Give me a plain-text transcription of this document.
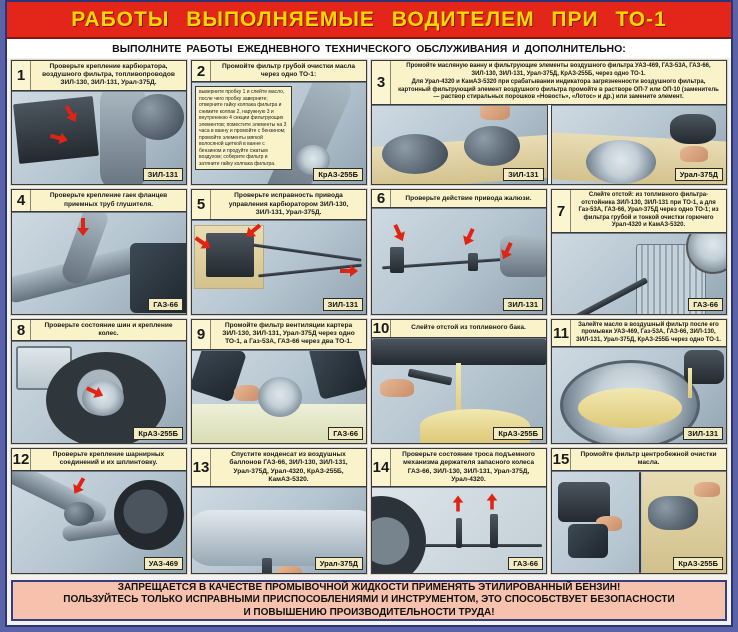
РАБОТЫ ВЫПОЛНЯЕМЫЕ ВОДИТЕЛЕМ ПРИ ТО-1
ВЫПОЛНИТЕ РАБОТЫ ЕЖЕДНЕВНОГО ТЕХНИЧЕСКОГО ОБСЛУЖИВАНИЯ И ДОПОЛНИТЕЛЬНО:
1
Проверьте крепление карбюратора, воздушного фильтра, топливопроводов ЗИЛ-130, ЗИЛ-131, Урал-375Д.
ЗИЛ-131
2	Промойте фильтр грубой очистки масла через одно ТО-1:
выверните пробку 1 и слейте масло, после чего пробку заверните; отверните гайку колпака фильтра и снимите колпак 2, наружную 3 и внутреннюю 4 секции фильтрующих элементов; поместите элементы на 3 часа в ванну и промойте с бензином; промойте элементы мягкой волосяной щеткой в ванне с бензином и продуйте сжатым воздухом; соберите фильтр и затяните гайку колпака фильтра.
КрАЗ-255Б
3
Промойте масляную ванну и фильтрующие элементы воздушного фильтра УАЗ-469, ГАЗ-53А, ГАЗ-66, ЗИЛ-130, ЗИЛ-131, Урал-375Д, КрАЗ-255Б, через одно ТО-1.
Для Урал-4320 и КамАЗ-5320 при срабатывании индикатора загрязненности воздушного фильтра, картонный фильтрующий элемент воздушного фильтра промойте в растворе ОП-7 или ОП-10 (заменитель — раствор стиральных порошков «Новость», «Лотос» и др.) или замените элемент.
ЗИЛ-131	Урал-375Д
4	Проверьте крепление гаек фланцев приемных труб глушителя.
ГАЗ-66
5
Проверьте исправность привода управления карбюратором ЗИЛ-130, ЗИЛ-131, Урал-375Д.
ЗИЛ-131
6	Проверьте действие привода жалюзи.
ЗИЛ-131
7
Слейте отстой: из топливного фильтра-отстойника ЗИЛ-130, ЗИЛ-131 при ТО-1, а для Газ-53А, ГАЗ-66, Урал-375Д через одно ТО-1; из фильтра грубой и тонкой очистки горючего Урал-4320 и КамАЗ-5320.
ГАЗ-66
8	Проверьте состояние шин и крепление колес.
КрАЗ-255Б
9
Промойте фильтр вентиляции картера ЗИЛ-130, ЗИЛ-131, Урал-375Д через одно ТО-1, а Газ-53А, ГАЗ-66 через два ТО-1.
ГАЗ-66
10	Слейте отстой из топливного бака.
КрАЗ-255Б
11	Залейте масло в воздушный фильтр после его промывки УАЗ-469, Газ-53А, ГАЗ-66, ЗИЛ-130, ЗИЛ-131, Урал-375Д, КрАЗ-255Б через одно ТО-1.
ЗИЛ-131
12	Проверьте крепление шарнирных соединений и их шплинтовку.
УАЗ-469
13
Спустите конденсат из воздушных баллонов ГАЗ-66, ЗИЛ-130, ЗИЛ-131, Урал-375Д, Урал-4320, КрАЗ-255Б, КамАЗ-5320.
Урал-375Д
14
Проверьте состояние троса подъемного механизма держателя запасного колеса ГАЗ-66, ЗИЛ-130, ЗИЛ-131, Урал-375Д, Урал-4320.
ГАЗ-66
15	Промойте фильтр центробежной очистки масла.
КрАЗ-255Б
ЗАПРЕЩАЕТСЯ В КАЧЕСТВЕ ПРОМЫВОЧНОЙ ЖИДКОСТИ ПРИМЕНЯТЬ ЭТИЛИРОВАННЫЙ БЕНЗИН!
ПОЛЬЗУЙТЕСЬ ТОЛЬКО ИСПРАВНЫМИ ПРИСПОСОБЛЕНИЯМИ И ИНСТРУМЕНТОМ, ЭТО СПОСОБСТВУЕТ БЕЗОПАСНОСТИ
И ПОВЫШЕНИЮ ПРОИЗВОДИТЕЛЬНОСТИ ТРУДА!
